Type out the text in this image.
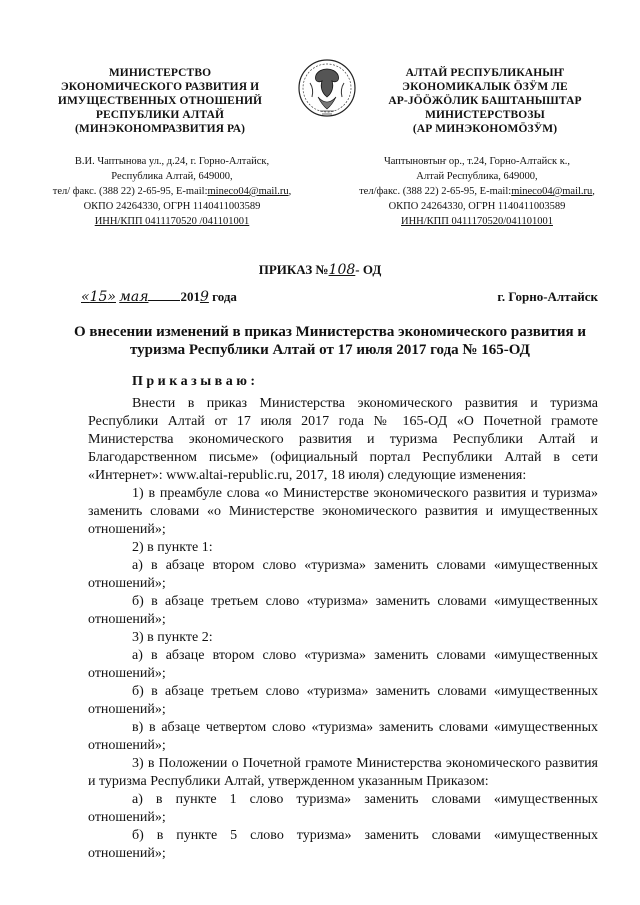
МИНИСТЕРСТВО
ЭКОНОМИЧЕСКОГО РАЗВИТИЯ И
ИМУЩЕСТВЕННЫХ ОТНОШЕНИЙ
РЕСПУБЛИКИ АЛТАЙ
(МИНЭКОНОМРАЗВИТИЯ РА)
АЛТАЙ РЕСПУБЛИКАНЫҤ
ЭКОНОМИКАЛЫК ӦЗӰМ ЛЕ
АР-ЈӦӦЖӦЛИК БАШТАНЫШТАР
МИНИСТЕРСТВОЗЫ
(АР МИНЭКОНОМӦЗӰМ)
В.И. Чаптынова ул., д.24, г. Горно-Алтайск,
Республика Алтай, 649000,
тел/ факс. (388 22) 2-65-95, E-mail:mineco04@mail.ru,
ОКПО 24264330, ОГРН 1140411003589
ИНН/КПП 0411170520 /041101001
Чаптыновтыҥ ор., т.24, Горно-Алтайск к.,
Алтай Республика, 649000,
тел/факс. (388 22) 2-65-95, E-mail:mineco04@mail.ru,
ОКПО 24264330, ОГРН 1140411003589
ИНН/КПП 0411170520/041101001
ПРИКАЗ №108- ОД
«15» мая 2019 года	г. Горно-Алтайск
О внесении изменений в приказ Министерства экономического развития и туризма Республики Алтай от 17 июля 2017 года № 165-ОД
Приказываю:

Внести в приказ Министерства экономического развития и туризма Республики Алтай от 17 июля 2017 года № 165-ОД «О Почетной грамоте Министерства экономического развития и туризма Республики Алтай и Благодарственном письме» (официальный портал Республики Алтай в сети «Интернет»: www.altai-republic.ru, 2017, 18 июля) следующие изменения:

1) в преамбуле слова «о Министерстве экономического развития и туризма» заменить словами «о Министерстве экономического развития и имущественных отношений»;

2) в пункте 1:

а) в абзаце втором слово «туризма» заменить словами «имущественных отношений»;

б) в абзаце третьем слово «туризма» заменить словами «имущественных отношений»;

3) в пункте 2:

а) в абзаце втором слово «туризма» заменить словами «имущественных отношений»;

б) в абзаце третьем слово «туризма» заменить словами «имущественных отношений»;

в) в абзаце четвертом слово «туризма» заменить словами «имущественных отношений»;

3) в Положении о Почетной грамоте Министерства экономического развития и туризма Республики Алтай, утвержденном указанным Приказом:

а) в пункте 1 слово туризма» заменить словами «имущественных отношений»;

б) в пункте 5 слово туризма» заменить словами «имущественных отношений»;
